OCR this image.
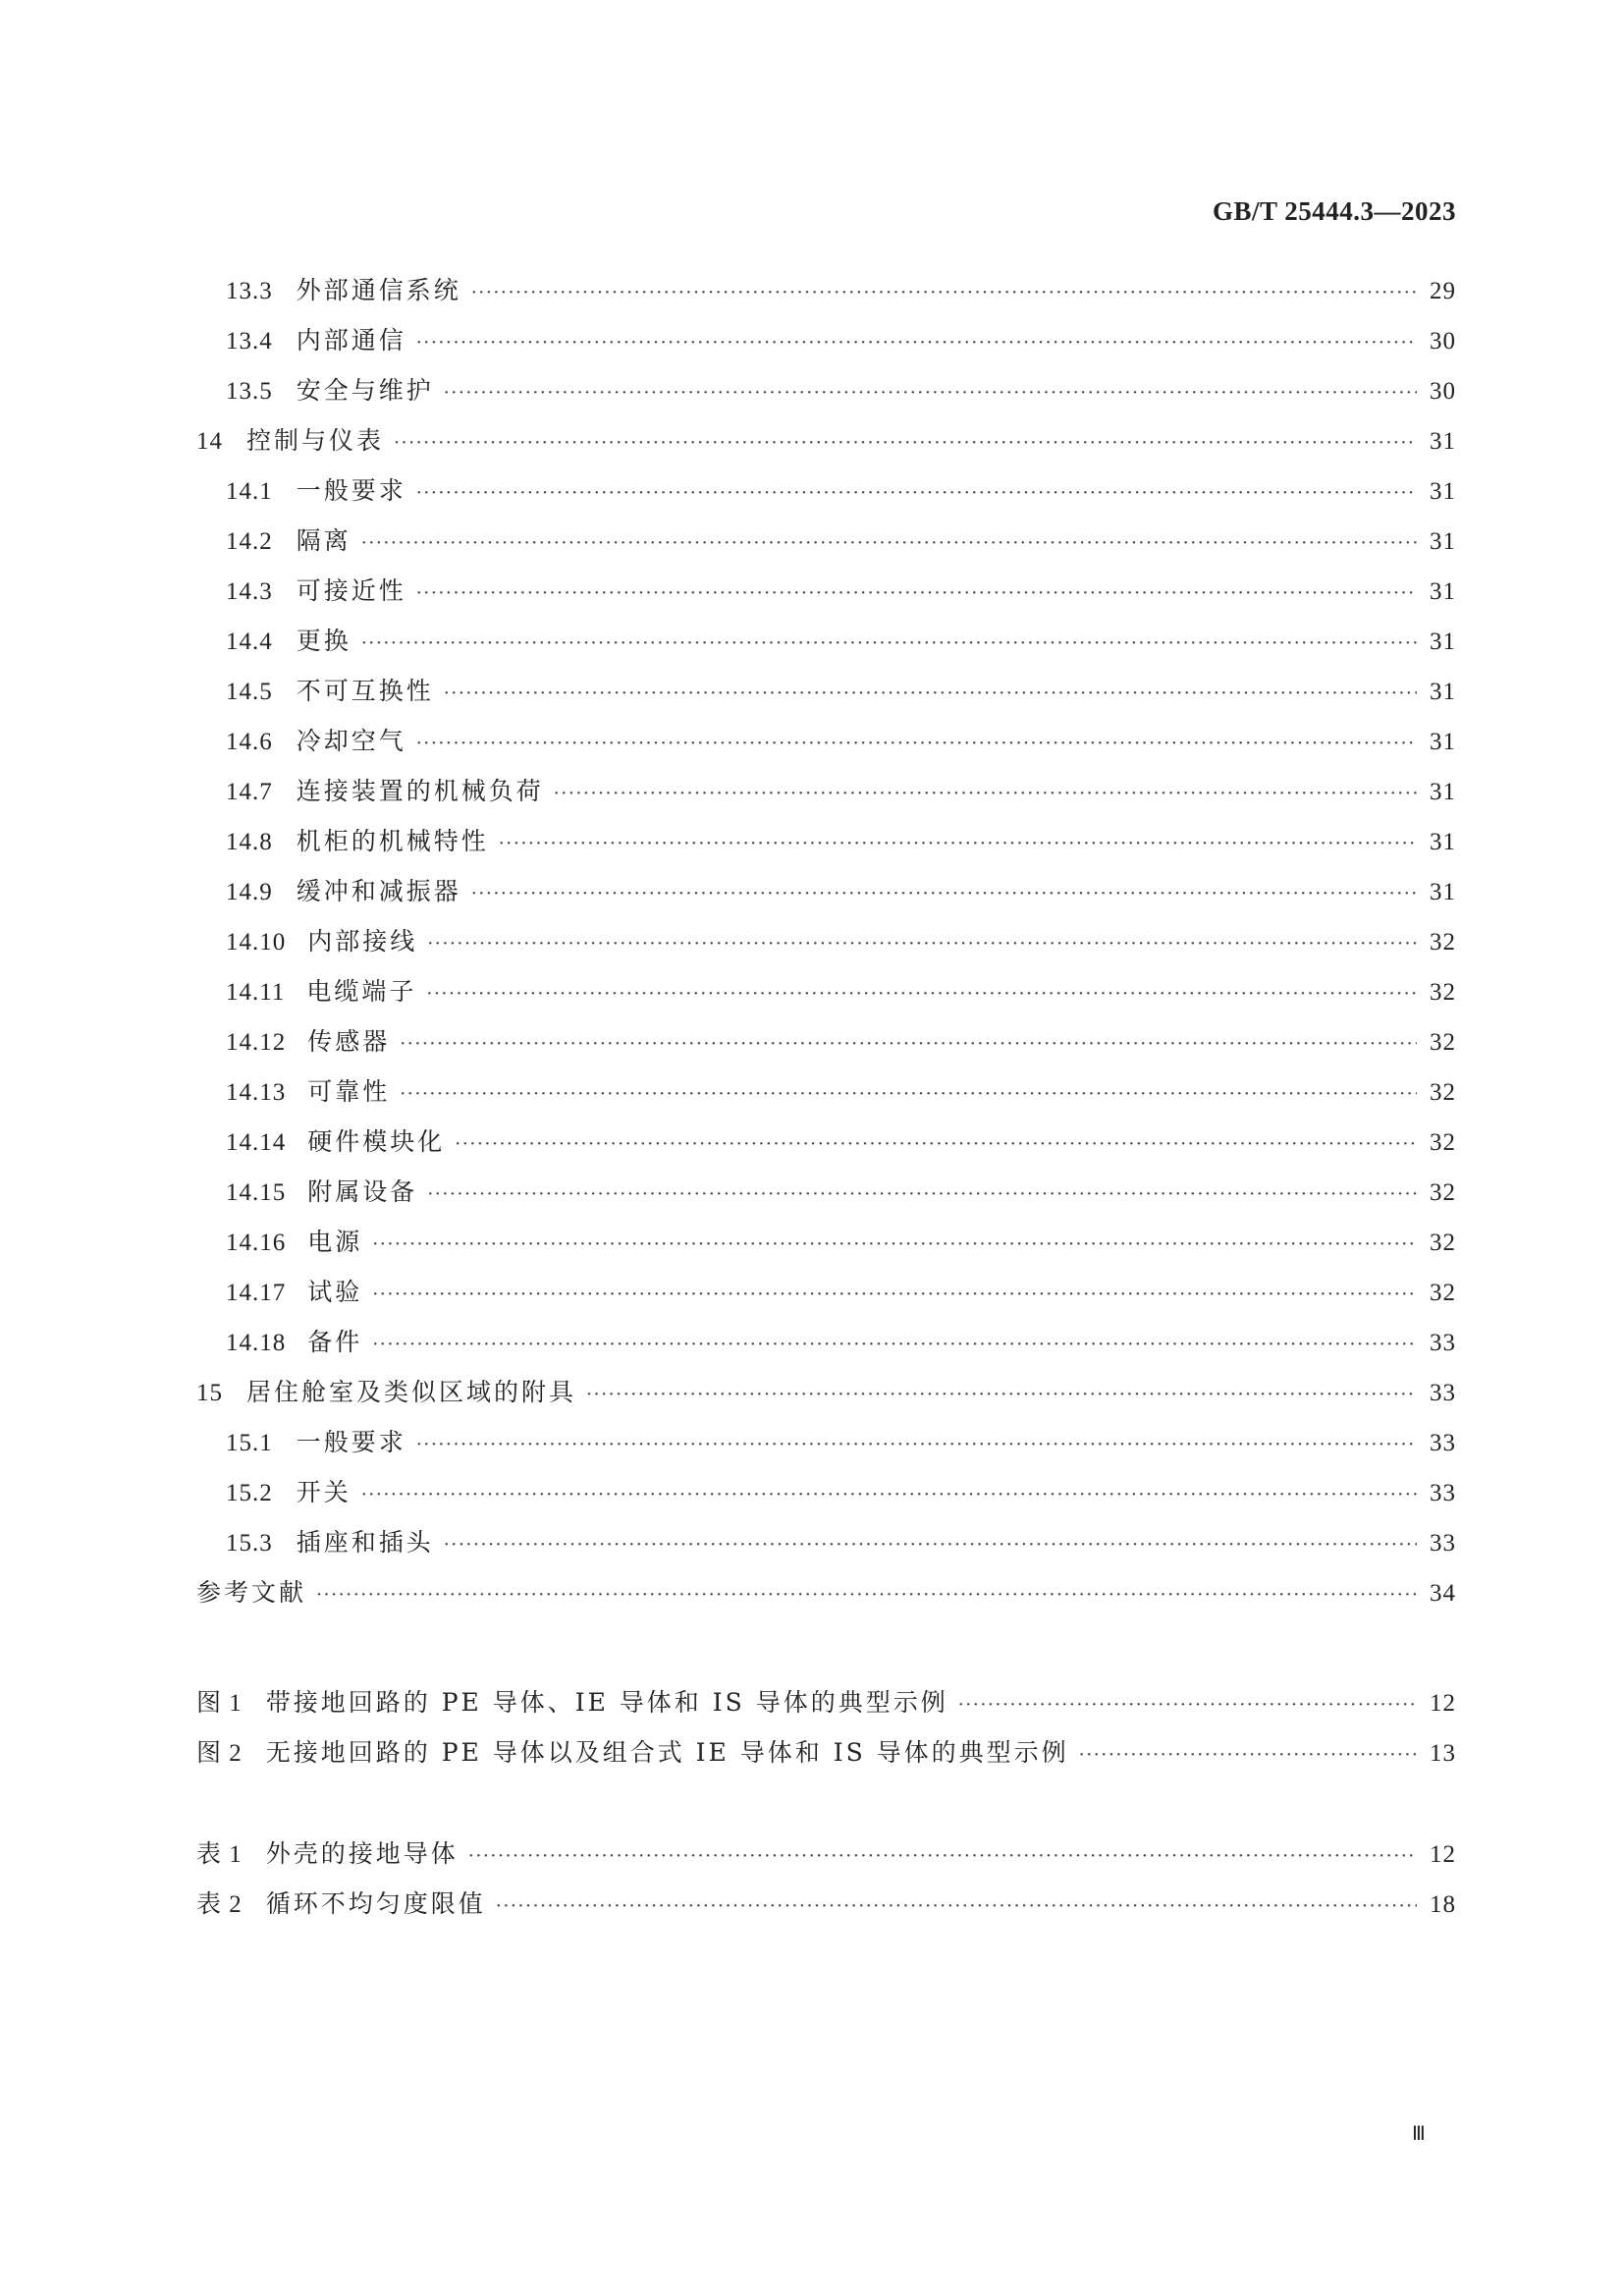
GB/T 25444.3—2023
13.3 外部通信系统 ·····	29
13.4 内部通信 ·····	30
13.5 安全与维护 ·····	30
14 控制与仪表 ·····	31
14.1 一般要求 ·····	31
14.2 隔离 ·····	31
14.3 可接近性 ·····	31
14.4 更换 ·····	31
14.5 不可互换性 ·····	31
14.6 冷却空气 ·····	31
14.7 连接装置的机械负荷 ·····	31
14.8 机柜的机械特性 ·····	31
14.9 缓冲和减振器 ·····	31
14.10 内部接线 ·····	32
14.11 电缆端子 ·····	32
14.12 传感器 ·····	32
14.13 可靠性 ·····	32
14.14 硬件模块化 ·····	32
14.15 附属设备 ·····	32
14.16 电源 ·····	32
14.17 试验 ·····	32
14.18 备件 ·····	33
15 居住舱室及类似区域的附具 ·····	33
15.1 一般要求 ·····	33
15.2 开关 ·····	33
15.3 插座和插头 ·····	33
参考文献 ·····	34
图 1 带接地回路的 PE 导体、IE 导体和 IS 导体的典型示例 ·····	12
图 2 无接地回路的 PE 导体以及组合式 IE 导体和 IS 导体的典型示例 ·····	13
表 1 外壳的接地导体 ·····	12
表 2 循环不均匀度限值 ·····	18
Ⅲ
